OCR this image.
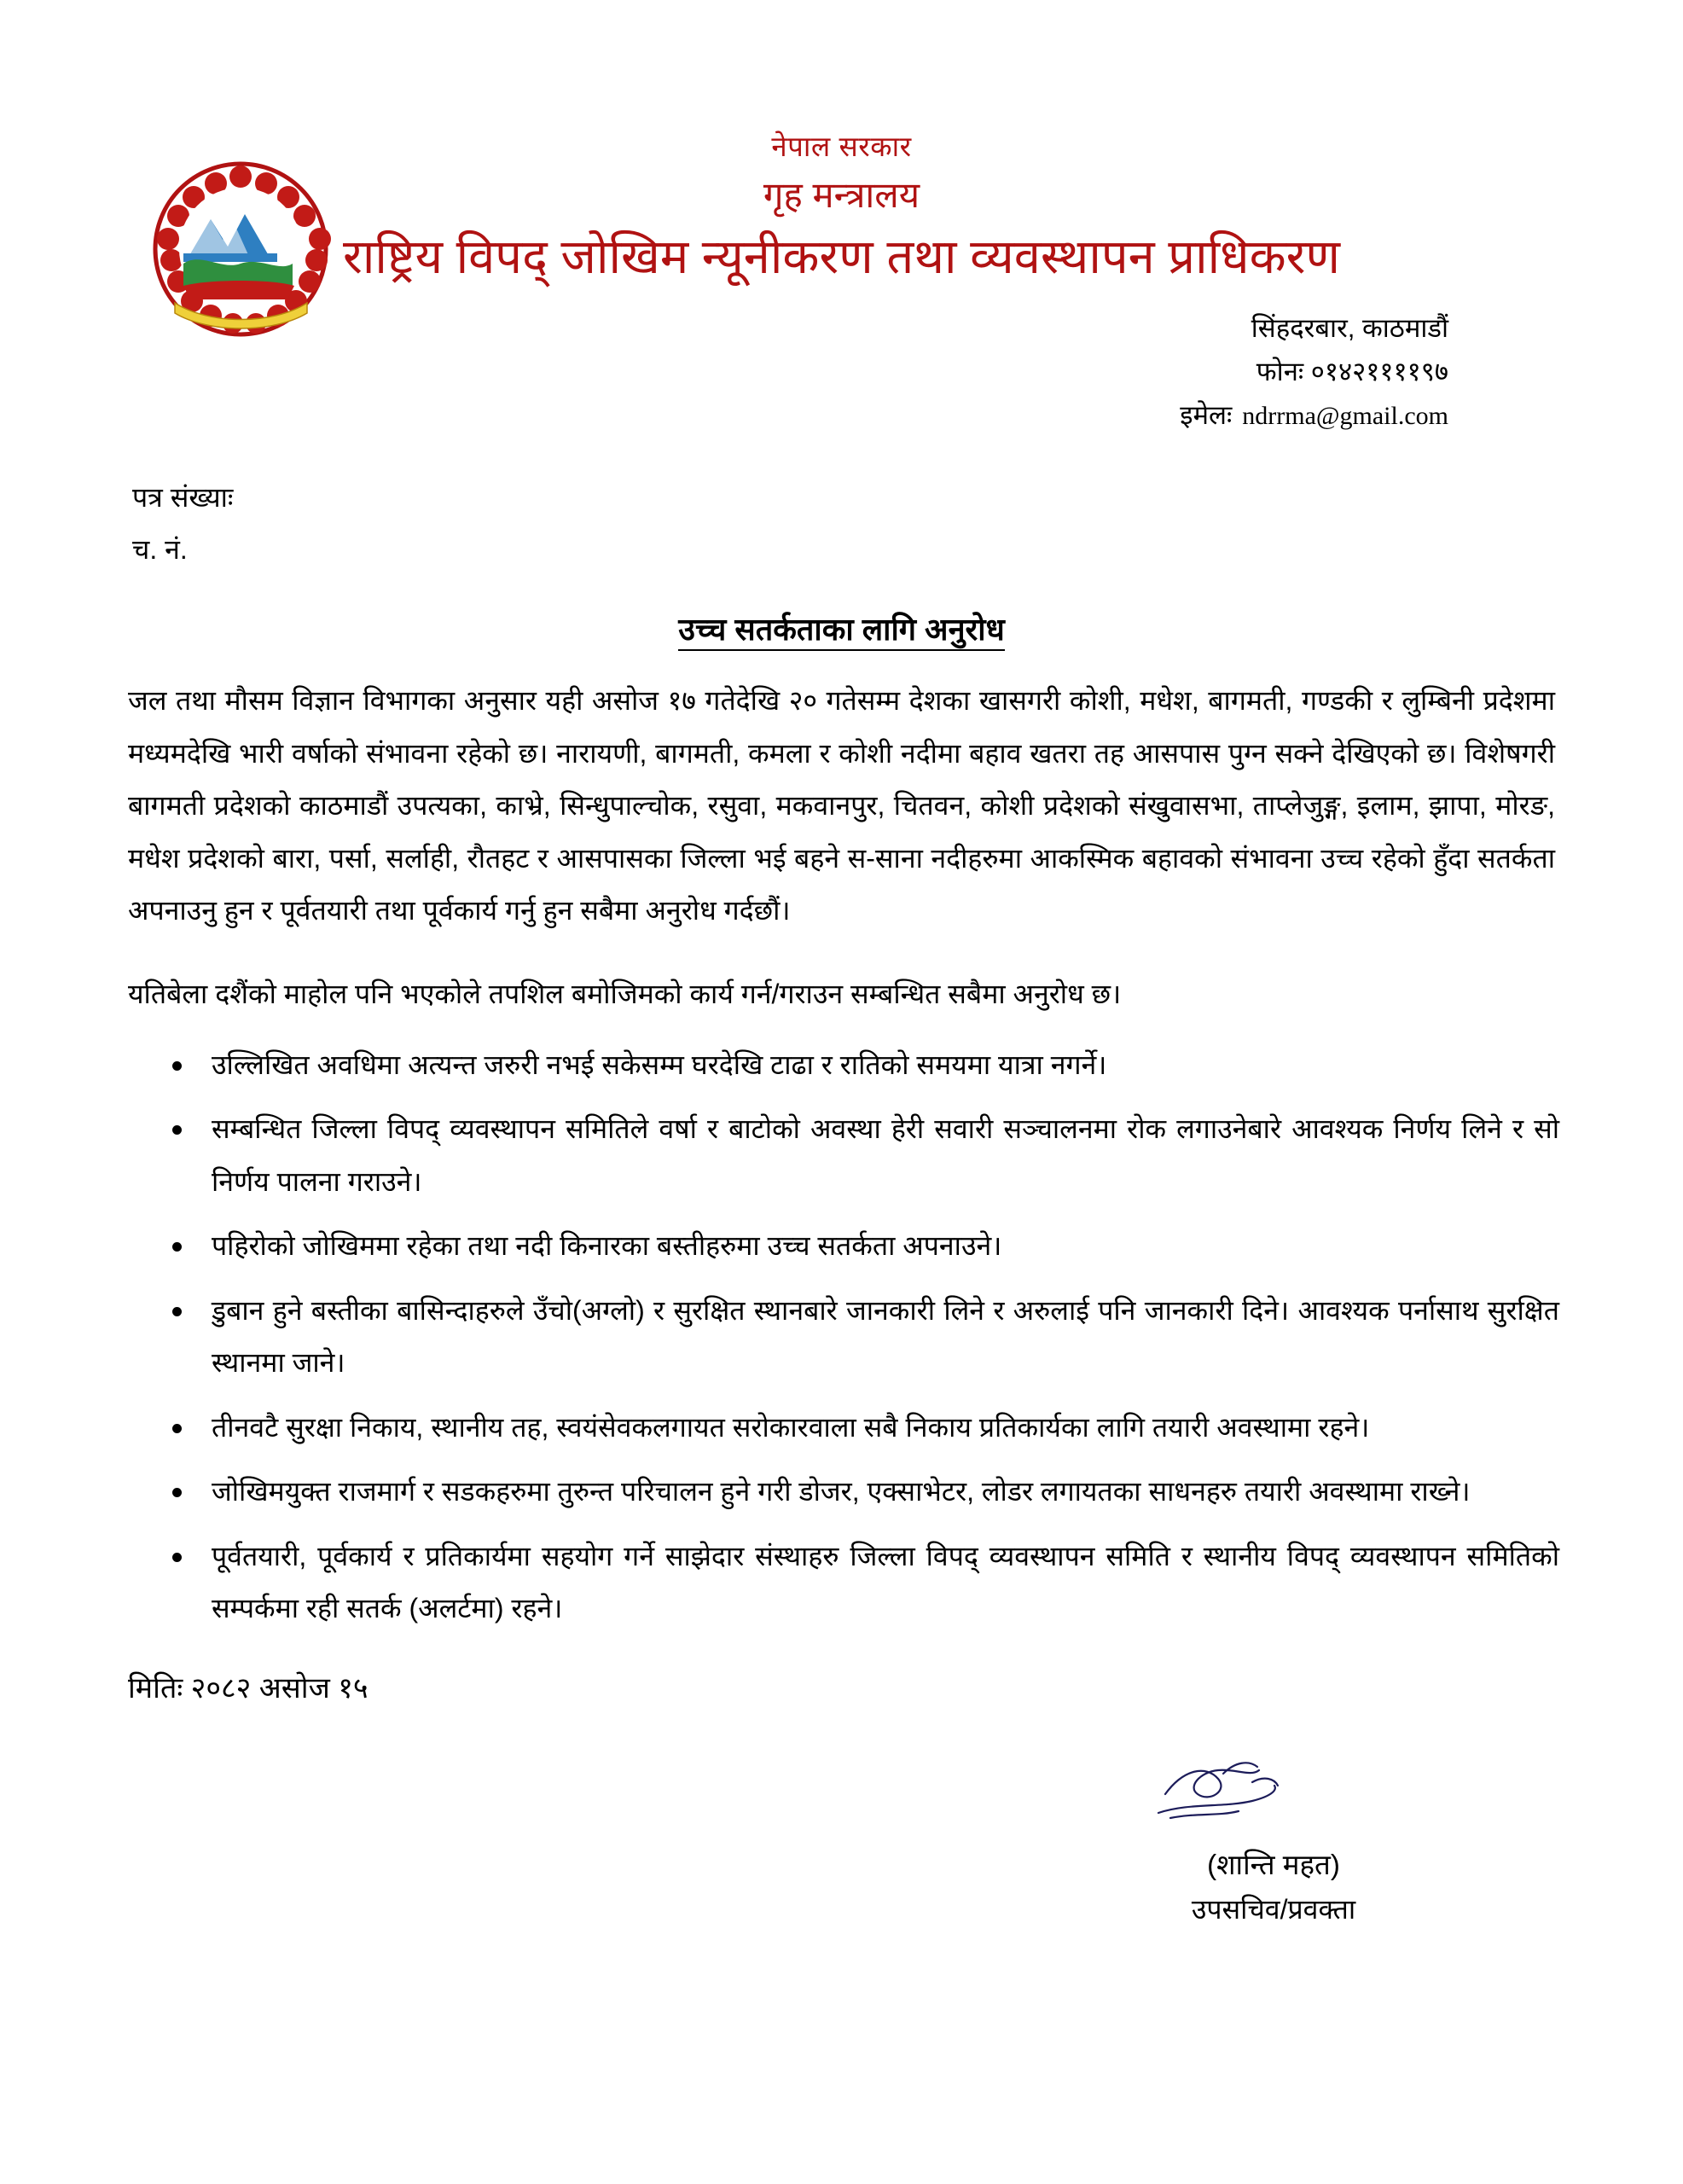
नेपाल सरकार
गृह मन्त्रालय
राष्ट्रिय विपद् जोखिम न्यूनीकरण तथा व्यवस्थापन प्राधिकरण
सिंहदरबार, काठमाडौं
फोनः ०१४२११११९७
इमेलः ndrrma@gmail.com
पत्र संख्याः
च. नं.
उच्च सतर्कताका लागि अनुरोध
जल तथा मौसम विज्ञान विभागका अनुसार यही असोज १७ गतेदेखि २० गतेसम्म देशका खासगरी कोशी, मधेश, बागमती, गण्डकी र लुम्बिनी प्रदेशमा मध्यमदेखि भारी वर्षाको संभावना रहेको छ। नारायणी, बागमती, कमला र कोशी नदीमा बहाव खतरा तह आसपास पुग्न सक्ने देखिएको छ। विशेषगरी बागमती प्रदेशको काठमाडौं उपत्यका, काभ्रे, सिन्धुपाल्चोक, रसुवा, मकवानपुर, चितवन, कोशी प्रदेशको संखुवासभा, ताप्लेजुङ्ग, इलाम, झापा, मोरङ, मधेश प्रदेशको बारा, पर्सा, सर्लाही, रौतहट र आसपासका जिल्ला भई बहने स-साना नदीहरुमा आकस्मिक बहावको संभावना उच्च रहेको हुँदा सतर्कता अपनाउनु हुन र पूर्वतयारी तथा पूर्वकार्य गर्नु हुन सबैमा अनुरोध गर्दछौं।
यतिबेला दशैंको माहोल पनि भएकोले तपशिल बमोजिमको कार्य गर्न/गराउन सम्बन्धित सबैमा अनुरोध छ।
उल्लिखित अवधिमा अत्यन्त जरुरी नभई सकेसम्म घरदेखि टाढा र रातिको समयमा यात्रा नगर्ने।
सम्बन्धित जिल्ला विपद् व्यवस्थापन समितिले वर्षा र बाटोको अवस्था हेरी सवारी सञ्चालनमा रोक लगाउनेबारे आवश्यक निर्णय लिने र सो निर्णय पालना गराउने।
पहिरोको जोखिममा रहेका तथा नदी किनारका बस्तीहरुमा उच्च सतर्कता अपनाउने।
डुबान हुने बस्तीका बासिन्दाहरुले उँचो(अग्लो) र सुरक्षित स्थानबारे जानकारी लिने र अरुलाई पनि जानकारी दिने। आवश्यक पर्नासाथ सुरक्षित स्थानमा जाने।
तीनवटै सुरक्षा निकाय, स्थानीय तह, स्वयंसेवकलगायत सरोकारवाला सबै निकाय प्रतिकार्यका लागि तयारी अवस्थामा रहने।
जोखिमयुक्त राजमार्ग र सडकहरुमा तुरुन्त परिचालन हुने गरी डोजर, एक्साभेटर, लोडर लगायतका साधनहरु तयारी अवस्थामा राख्ने।
पूर्वतयारी, पूर्वकार्य र प्रतिकार्यमा सहयोग गर्ने साझेदार संस्थाहरु जिल्ला विपद् व्यवस्थापन समिति र स्थानीय विपद् व्यवस्थापन समितिको सम्पर्कमा रही सतर्क (अलर्टमा) रहने।
मितिः २०८२ असोज १५
(शान्ति महत)
उपसचिव/प्रवक्ता
